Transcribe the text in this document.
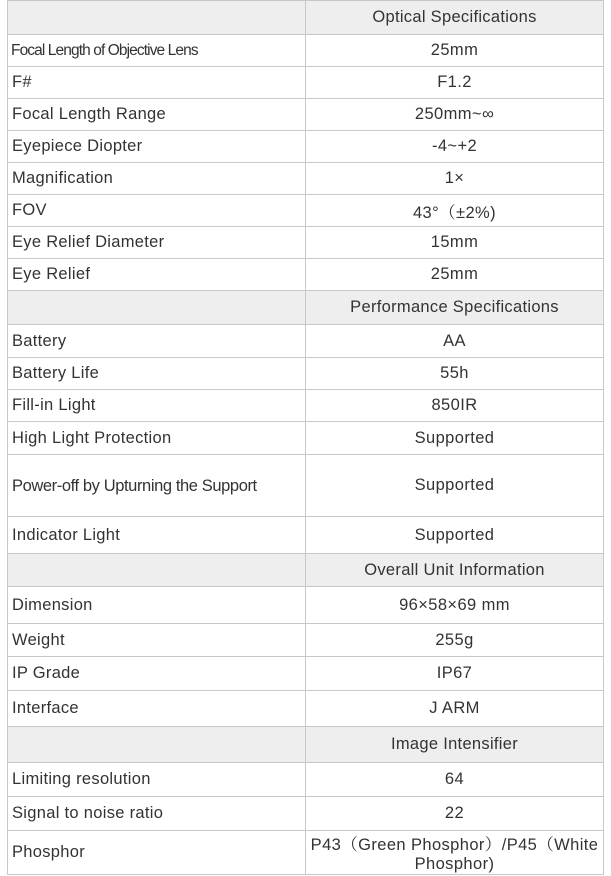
	Optical Specifications
Focal Length of Objective Lens	25mm
F#	F1.2
Focal Length Range	250mm~∞
Eyepiece Diopter	-4~+2
Magnification	1×
FOV	43°（±2%)
Eye Relief Diameter	15mm
Eye Relief	25mm
	Performance Specifications
Battery	AA
Battery Life	55h
Fill-in Light	850IR
High Light Protection	Supported
Power-off by Upturning the Support	Supported
Indicator Light	Supported
	Overall Unit Information
Dimension	96×58×69 mm
Weight	255g
IP Grade	IP67
Interface	J ARM
	Image Intensifier
Limiting resolution	64
Signal to noise ratio	22
Phosphor	P43（Green Phosphor）/P45（White Phosphor)
